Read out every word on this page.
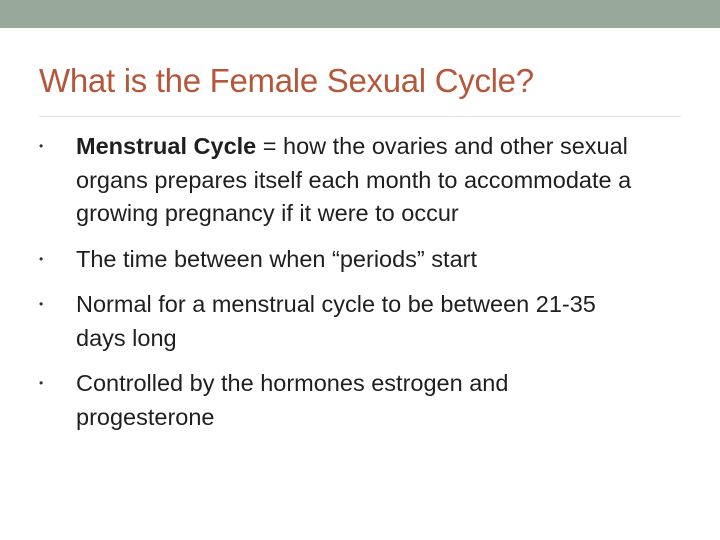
What is the Female Sexual Cycle?
• Menstrual Cycle = how the ovaries and other sexual organs prepares itself each month to accommodate a growing pregnancy if it were to occur
• The time between when “periods” start
• Normal for a menstrual cycle to be between 21-35 days long
• Controlled by the hormones estrogen and progesterone
